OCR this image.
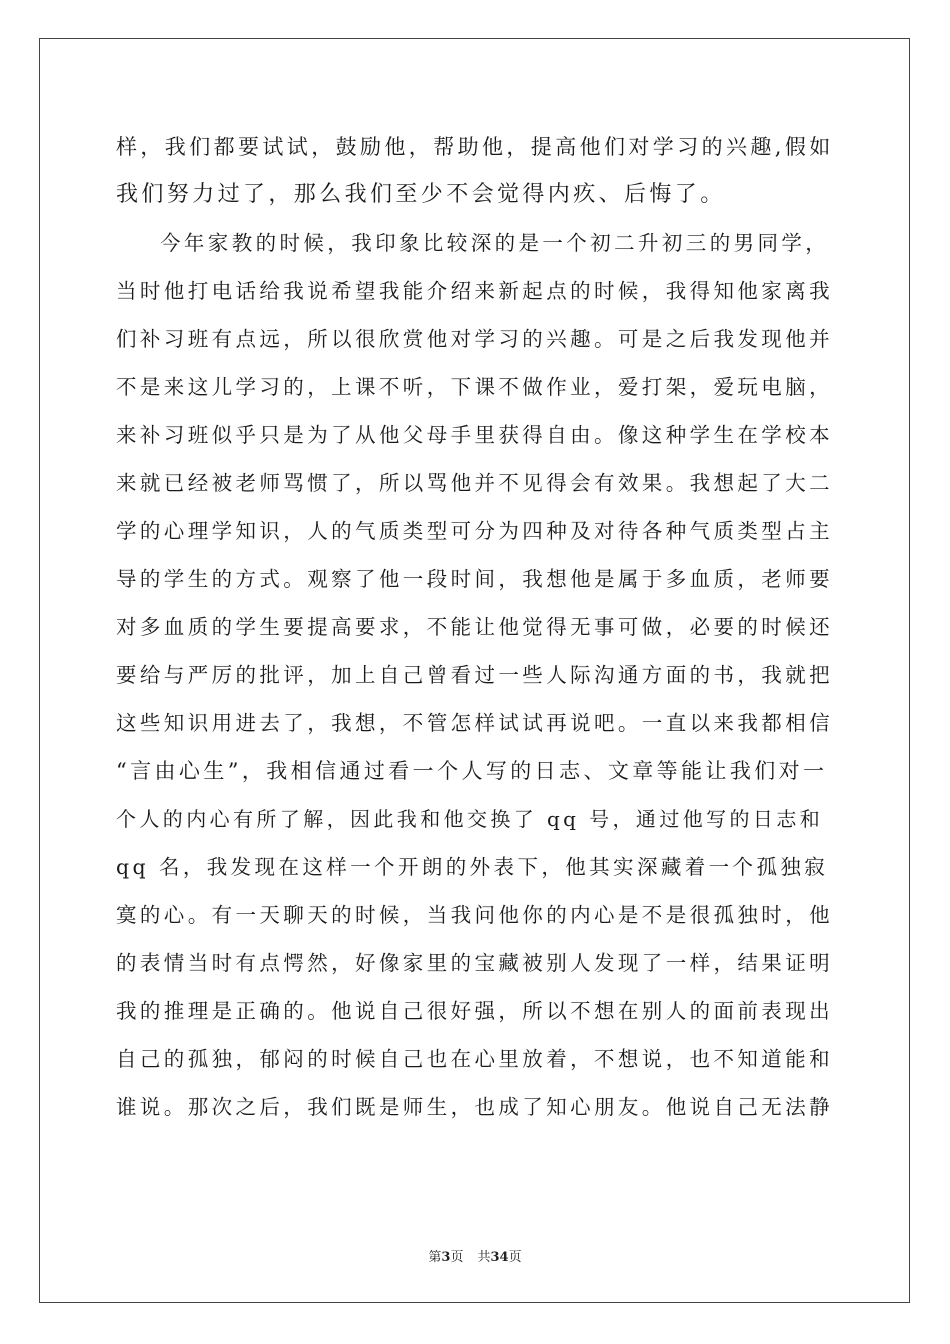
样，我们都要试试，鼓励他，帮助他，提高他们对学习的兴趣,假如
我们努力过了，那么我们至少不会觉得内疚、后悔了。
今年家教的时候，我印象比较深的是一个初二升初三的男同学，
当时他打电话给我说希望我能介绍来新起点的时候，我得知他家离我
们补习班有点远，所以很欣赏他对学习的兴趣。可是之后我发现他并
不是来这儿学习的，上课不听，下课不做作业，爱打架，爱玩电脑，
来补习班似乎只是为了从他父母手里获得自由。像这种学生在学校本
来就已经被老师骂惯了，所以骂他并不见得会有效果。我想起了大二
学的心理学知识，人的气质类型可分为四种及对待各种气质类型占主
导的学生的方式。观察了他一段时间，我想他是属于多血质，老师要
对多血质的学生要提高要求，不能让他觉得无事可做，必要的时候还
要给与严厉的批评，加上自己曾看过一些人际沟通方面的书，我就把
这些知识用进去了，我想，不管怎样试试再说吧。一直以来我都相信
“言由心生”，我相信通过看一个人写的日志、文章等能让我们对一
个人的内心有所了解，因此我和他交换了 qq 号，通过他写的日志和
qq 名，我发现在这样一个开朗的外表下，他其实深藏着一个孤独寂
寞的心。有一天聊天的时候，当我问他你的内心是不是很孤独时，他
的表情当时有点愕然，好像家里的宝藏被别人发现了一样，结果证明
我的推理是正确的。他说自己很好强，所以不想在别人的面前表现出
自己的孤独，郁闷的时候自己也在心里放着，不想说，也不知道能和
谁说。那次之后，我们既是师生，也成了知心朋友。他说自己无法静
第3页 共34页
